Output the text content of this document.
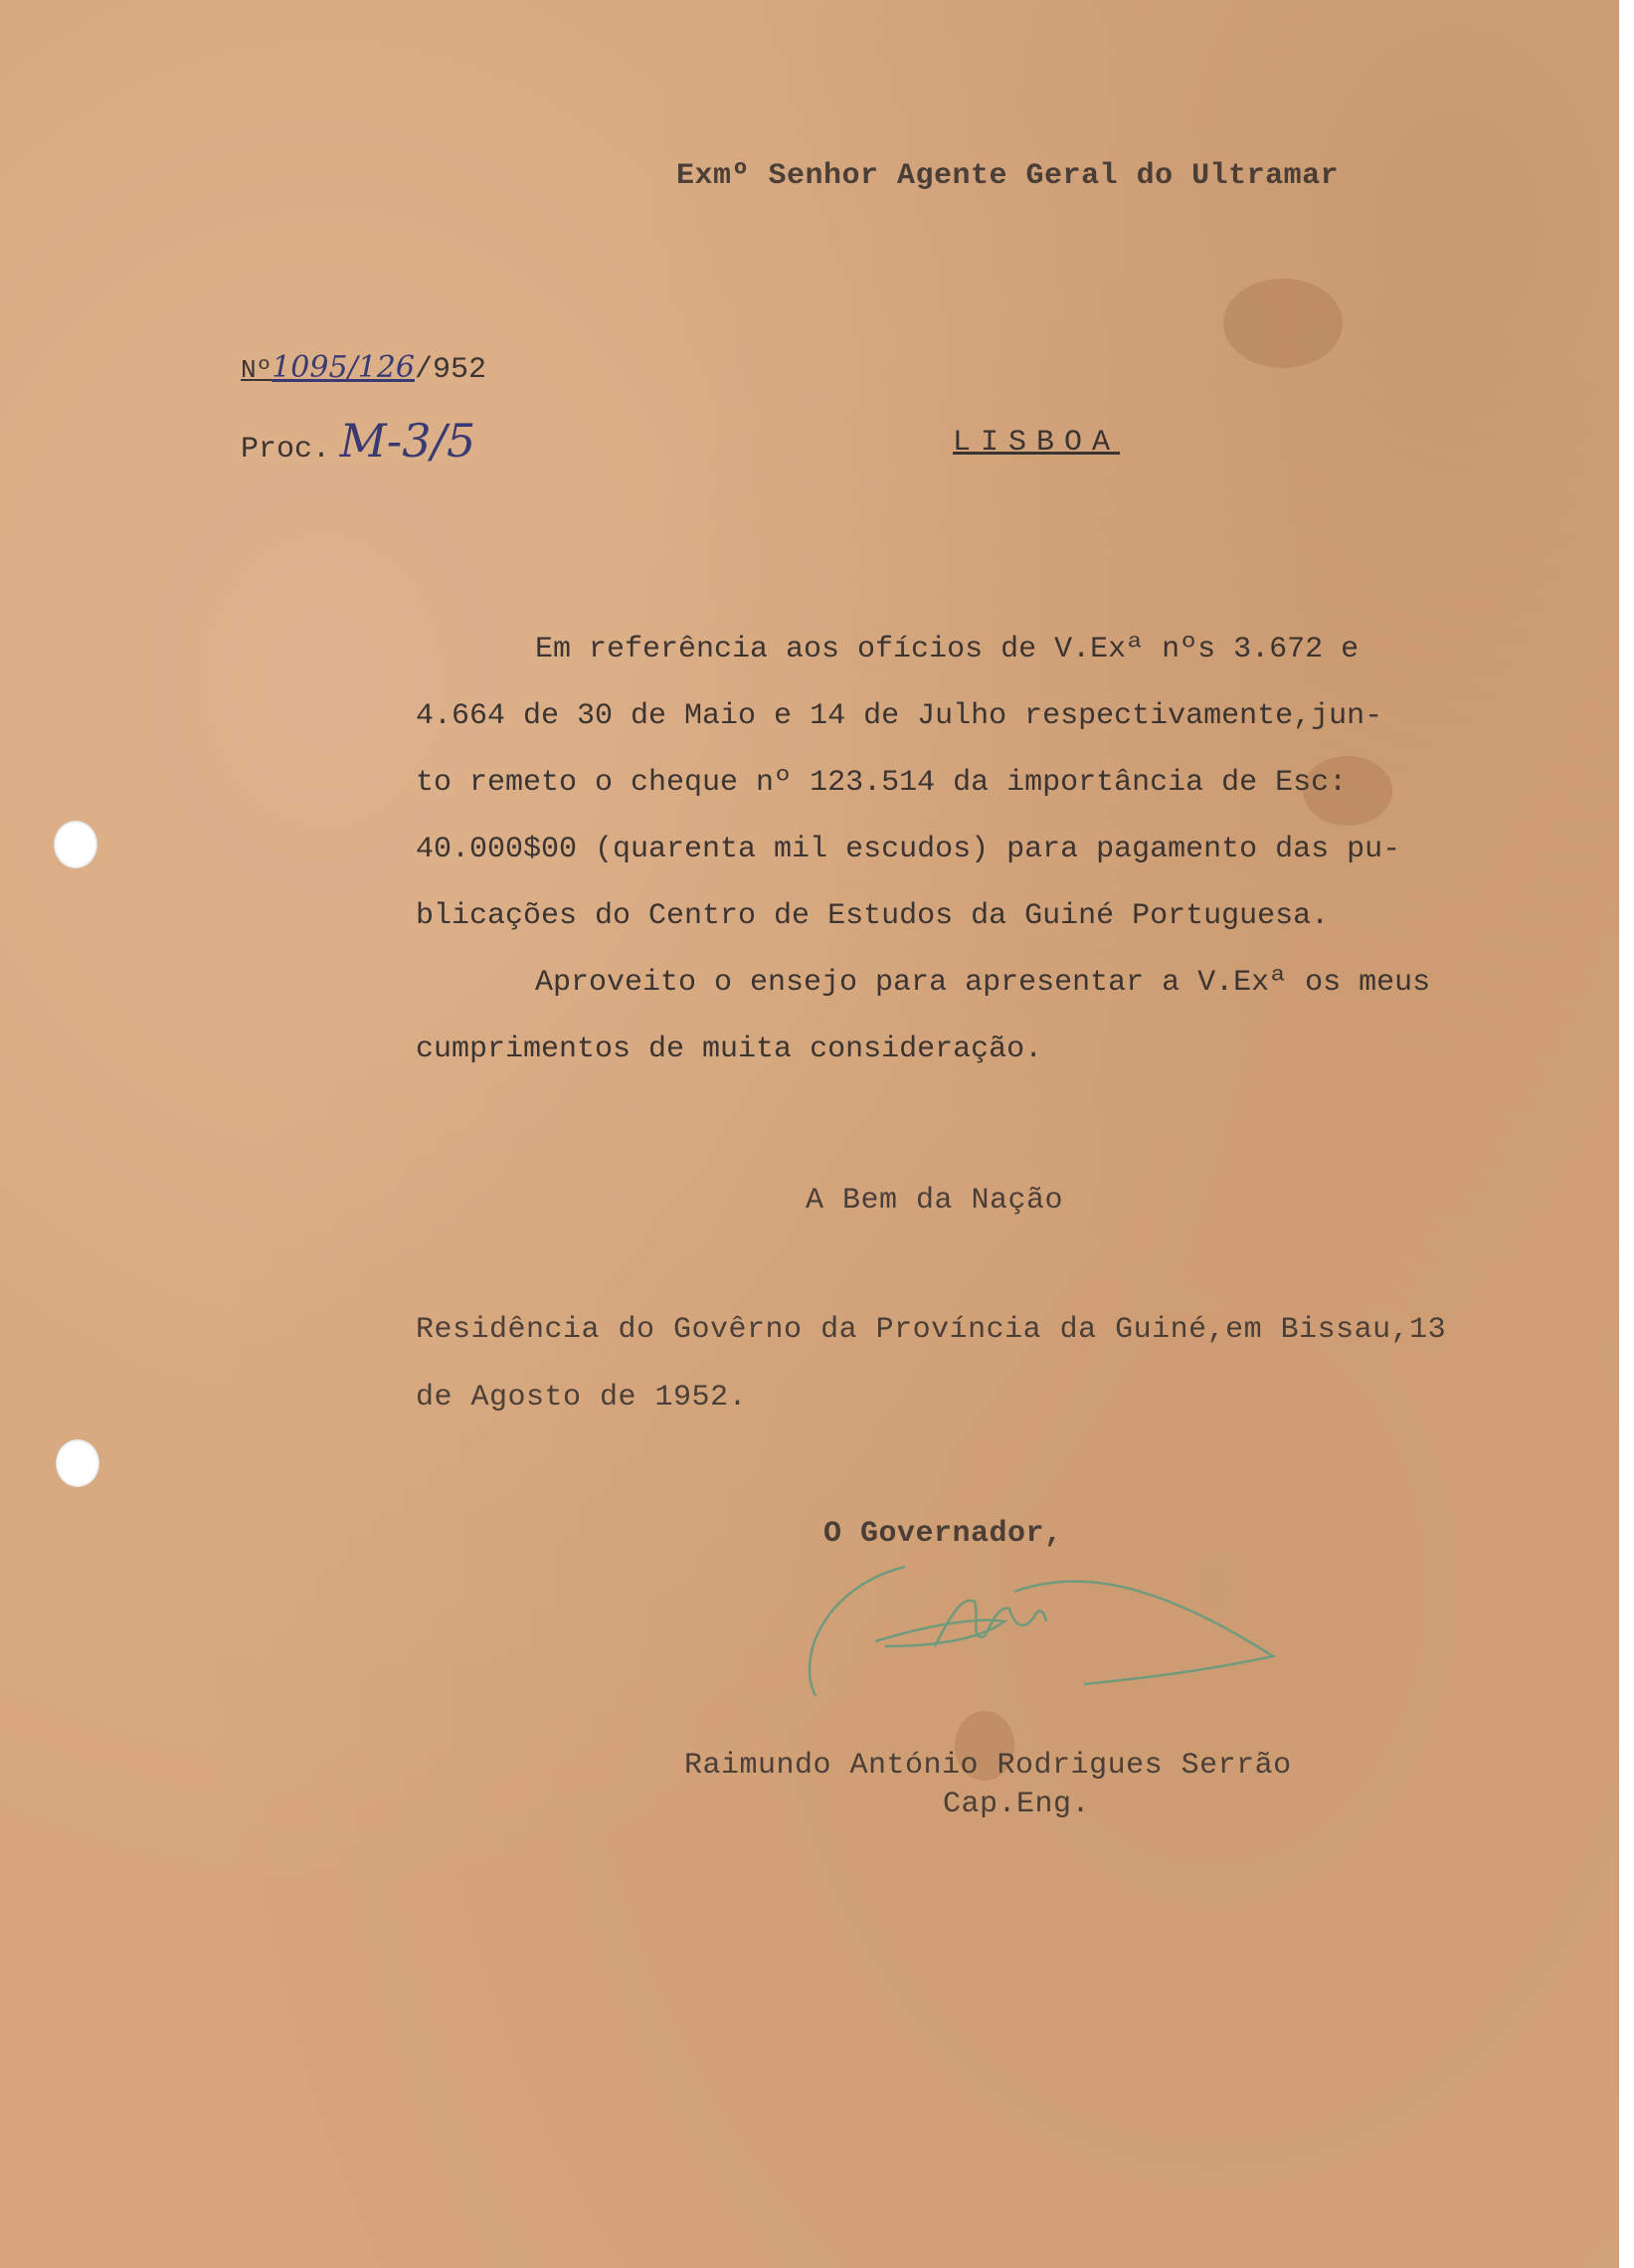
Exmº Senhor Agente Geral do Ultramar
Nº1095/126/952
Proc. M-3/5	LISBOA
Em referência aos ofícios de V.Exª nºs 3.672 e
4.664 de 30 de Maio e 14 de Julho respectivamente,jun-
to remeto o cheque nº 123.514 da importância de Esc:
40.000$00 (quarenta mil escudos) para pagamento das pu-
blicações do Centro de Estudos da Guiné Portuguesa.
Aproveito o ensejo para apresentar a V.Exª os meus
cumprimentos de muita consideração.
A Bem da Nação
Residência do Govêrno da Província da Guiné,em Bissau,13
de Agosto de 1952.
O Governador,
Raimundo António Rodrigues Serrão
Cap.Eng.
